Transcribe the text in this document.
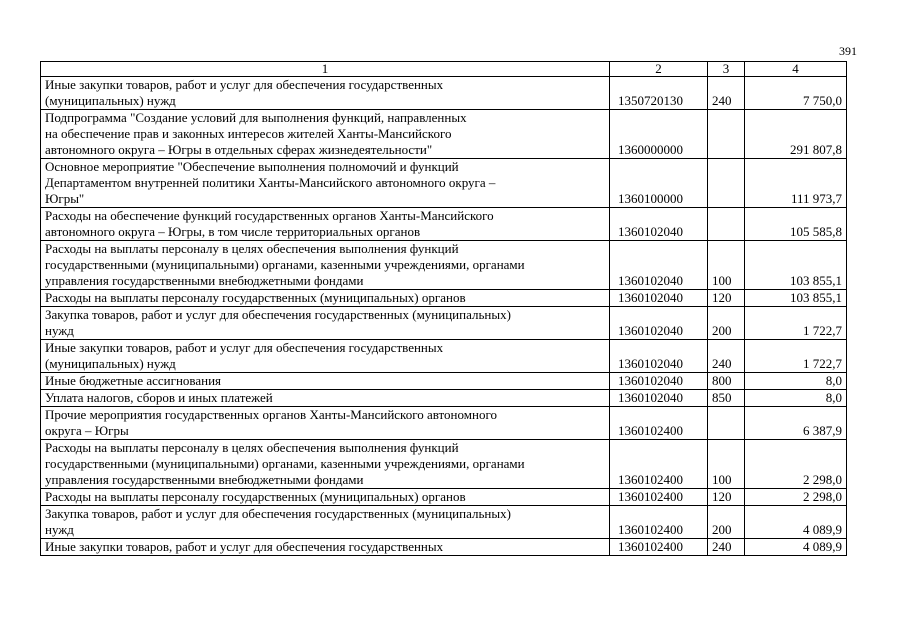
391
1	2	3	4

Иные закупки товаров, работ и услуг для обеспечения государственных
(муниципальных) нужд	1350720130	240	7 750,0

Подпрограмма "Создание условий для выполнения функций, направленных
на обеспечение прав и законных интересов жителей Ханты-Мансийского
автономного округа – Югры в отдельных сферах жизнедеятельности"	1360000000		291 807,8

Основное мероприятие "Обеспечение выполнения полномочий и функций
Департаментом внутренней политики Ханты-Мансийского автономного округа –
Югры"	1360100000		111 973,7

Расходы на обеспечение функций государственных органов Ханты-Мансийского
автономного округа – Югры, в том числе территориальных органов	1360102040		105 585,8

Расходы на выплаты персоналу в целях обеспечения выполнения функций
государственными (муниципальными) органами, казенными учреждениями, органами
управления государственными внебюджетными фондами	1360102040	100	103 855,1

Расходы на выплаты персоналу государственных (муниципальных) органов	1360102040	120	103 855,1

Закупка товаров, работ и услуг для обеспечения государственных (муниципальных)
нужд	1360102040	200	1 722,7

Иные закупки товаров, работ и услуг для обеспечения государственных
(муниципальных) нужд	1360102040	240	1 722,7

Иные бюджетные ассигнования	1360102040	800	8,0

Уплата налогов, сборов и иных платежей	1360102040	850	8,0

Прочие мероприятия государственных органов Ханты-Мансийского автономного
округа – Югры	1360102400		6 387,9

Расходы на выплаты персоналу в целях обеспечения выполнения функций
государственными (муниципальными) органами, казенными учреждениями, органами
управления государственными внебюджетными фондами	1360102400	100	2 298,0

Расходы на выплаты персоналу государственных (муниципальных) органов	1360102400	120	2 298,0

Закупка товаров, работ и услуг для обеспечения государственных (муниципальных)
нужд	1360102400	200	4 089,9

Иные закупки товаров, работ и услуг для обеспечения государственных	1360102400	240	4 089,9
